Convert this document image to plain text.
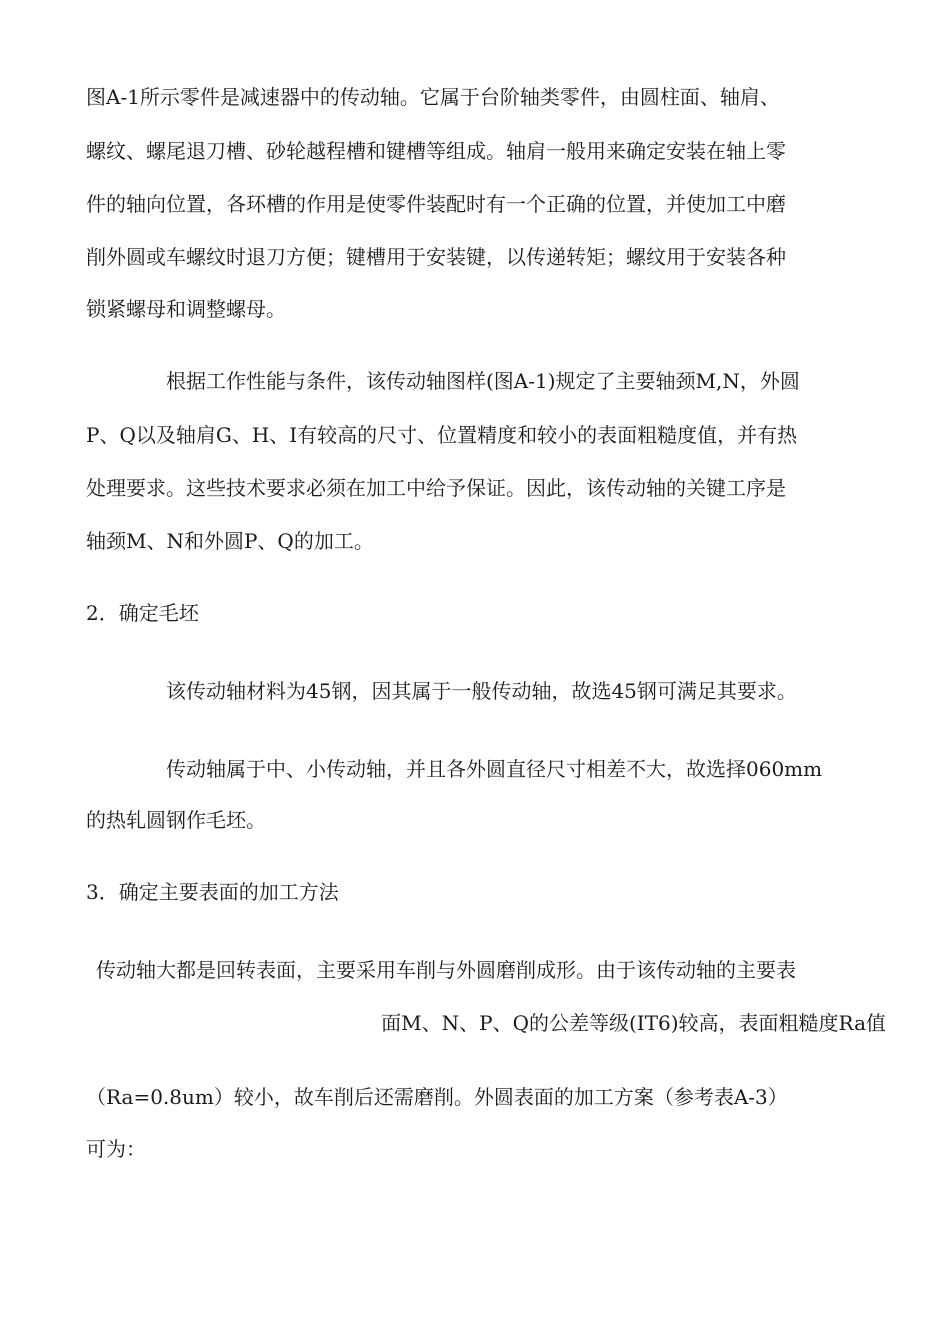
图A-1所示零件是减速器中的传动轴。它属于台阶轴类零件，由圆柱面、轴肩、
螺纹、螺尾退刀槽、砂轮越程槽和键槽等组成。轴肩一般用来确定安装在轴上零
件的轴向位置，各环槽的作用是使零件装配时有一个正确的位置，并使加工中磨
削外圆或车螺纹时退刀方便；键槽用于安装键，以传递转矩；螺纹用于安装各种
锁紧螺母和调整螺母。
根据工作性能与条件，该传动轴图样(图A-1)规定了主要轴颈M,N，外圆
P、Q以及轴肩G、H、I有较高的尺寸、位置精度和较小的表面粗糙度值，并有热
处理要求。这些技术要求必须在加工中给予保证。因此，该传动轴的关键工序是
轴颈M、N和外圆P、Q的加工。
2．确定毛坯
该传动轴材料为45钢，因其属于一般传动轴，故选45钢可满足其要求。
传动轴属于中、小传动轴，并且各外圆直径尺寸相差不大，故选择060mm
的热轧圆钢作毛坯。
3．确定主要表面的加工方法
传动轴大都是回转表面，主要采用车削与外圆磨削成形。由于该传动轴的主要表
面M、N、P、Q的公差等级(IT6)较高，表面粗糙度Ra值
（Ra=0.8um）较小，故车削后还需磨削。外圆表面的加工方案（参考表A-3）
可为：
